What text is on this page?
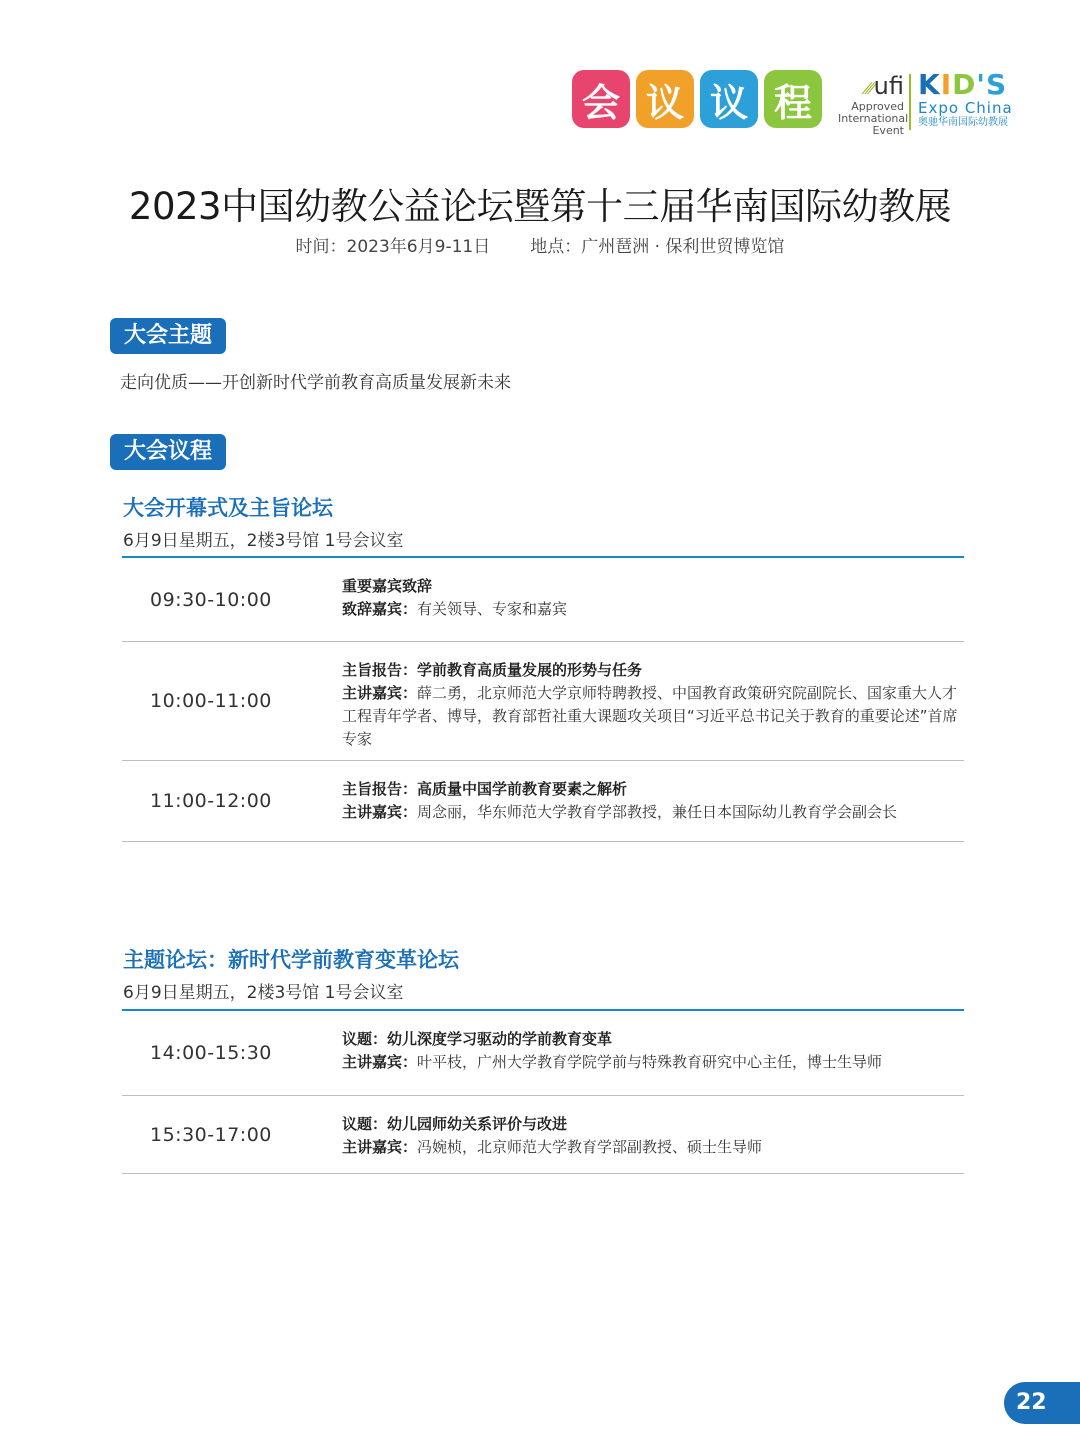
会 议 议 程	⁄⁄⁄ufi
Approved
International
Event
KID'S
Expo China
奥驰华南国际幼教展
2023中国幼教公益论坛暨第十三届华南国际幼教展
时间：2023年6月9-11日 地点：广州琶洲 · 保利世贸博览馆
大会主题
走向优质——开创新时代学前教育高质量发展新未来
大会议程
大会开幕式及主旨论坛
6月9日星期五，2楼3号馆 1号会议室
09:30-10:00
重要嘉宾致辞
致辞嘉宾：有关领导、专家和嘉宾
10:00-11:00
主旨报告：学前教育高质量发展的形势与任务
主讲嘉宾：薛二勇，北京师范大学京师特聘教授、中国教育政策研究院副院长、国家重大人才工程青年学者、博导，教育部哲社重大课题攻关项目“习近平总书记关于教育的重要论述”首席专家
11:00-12:00
主旨报告：高质量中国学前教育要素之解析
主讲嘉宾：周念丽，华东师范大学教育学部教授，兼任日本国际幼儿教育学会副会长
主题论坛：新时代学前教育变革论坛
6月9日星期五，2楼3号馆 1号会议室
14:00-15:30
议题：幼儿深度学习驱动的学前教育变革
主讲嘉宾：叶平枝，广州大学教育学院学前与特殊教育研究中心主任，博士生导师
15:30-17:00	议题：幼儿园师幼关系评价与改进
主讲嘉宾：冯婉桢，北京师范大学教育学部副教授、硕士生导师
22
